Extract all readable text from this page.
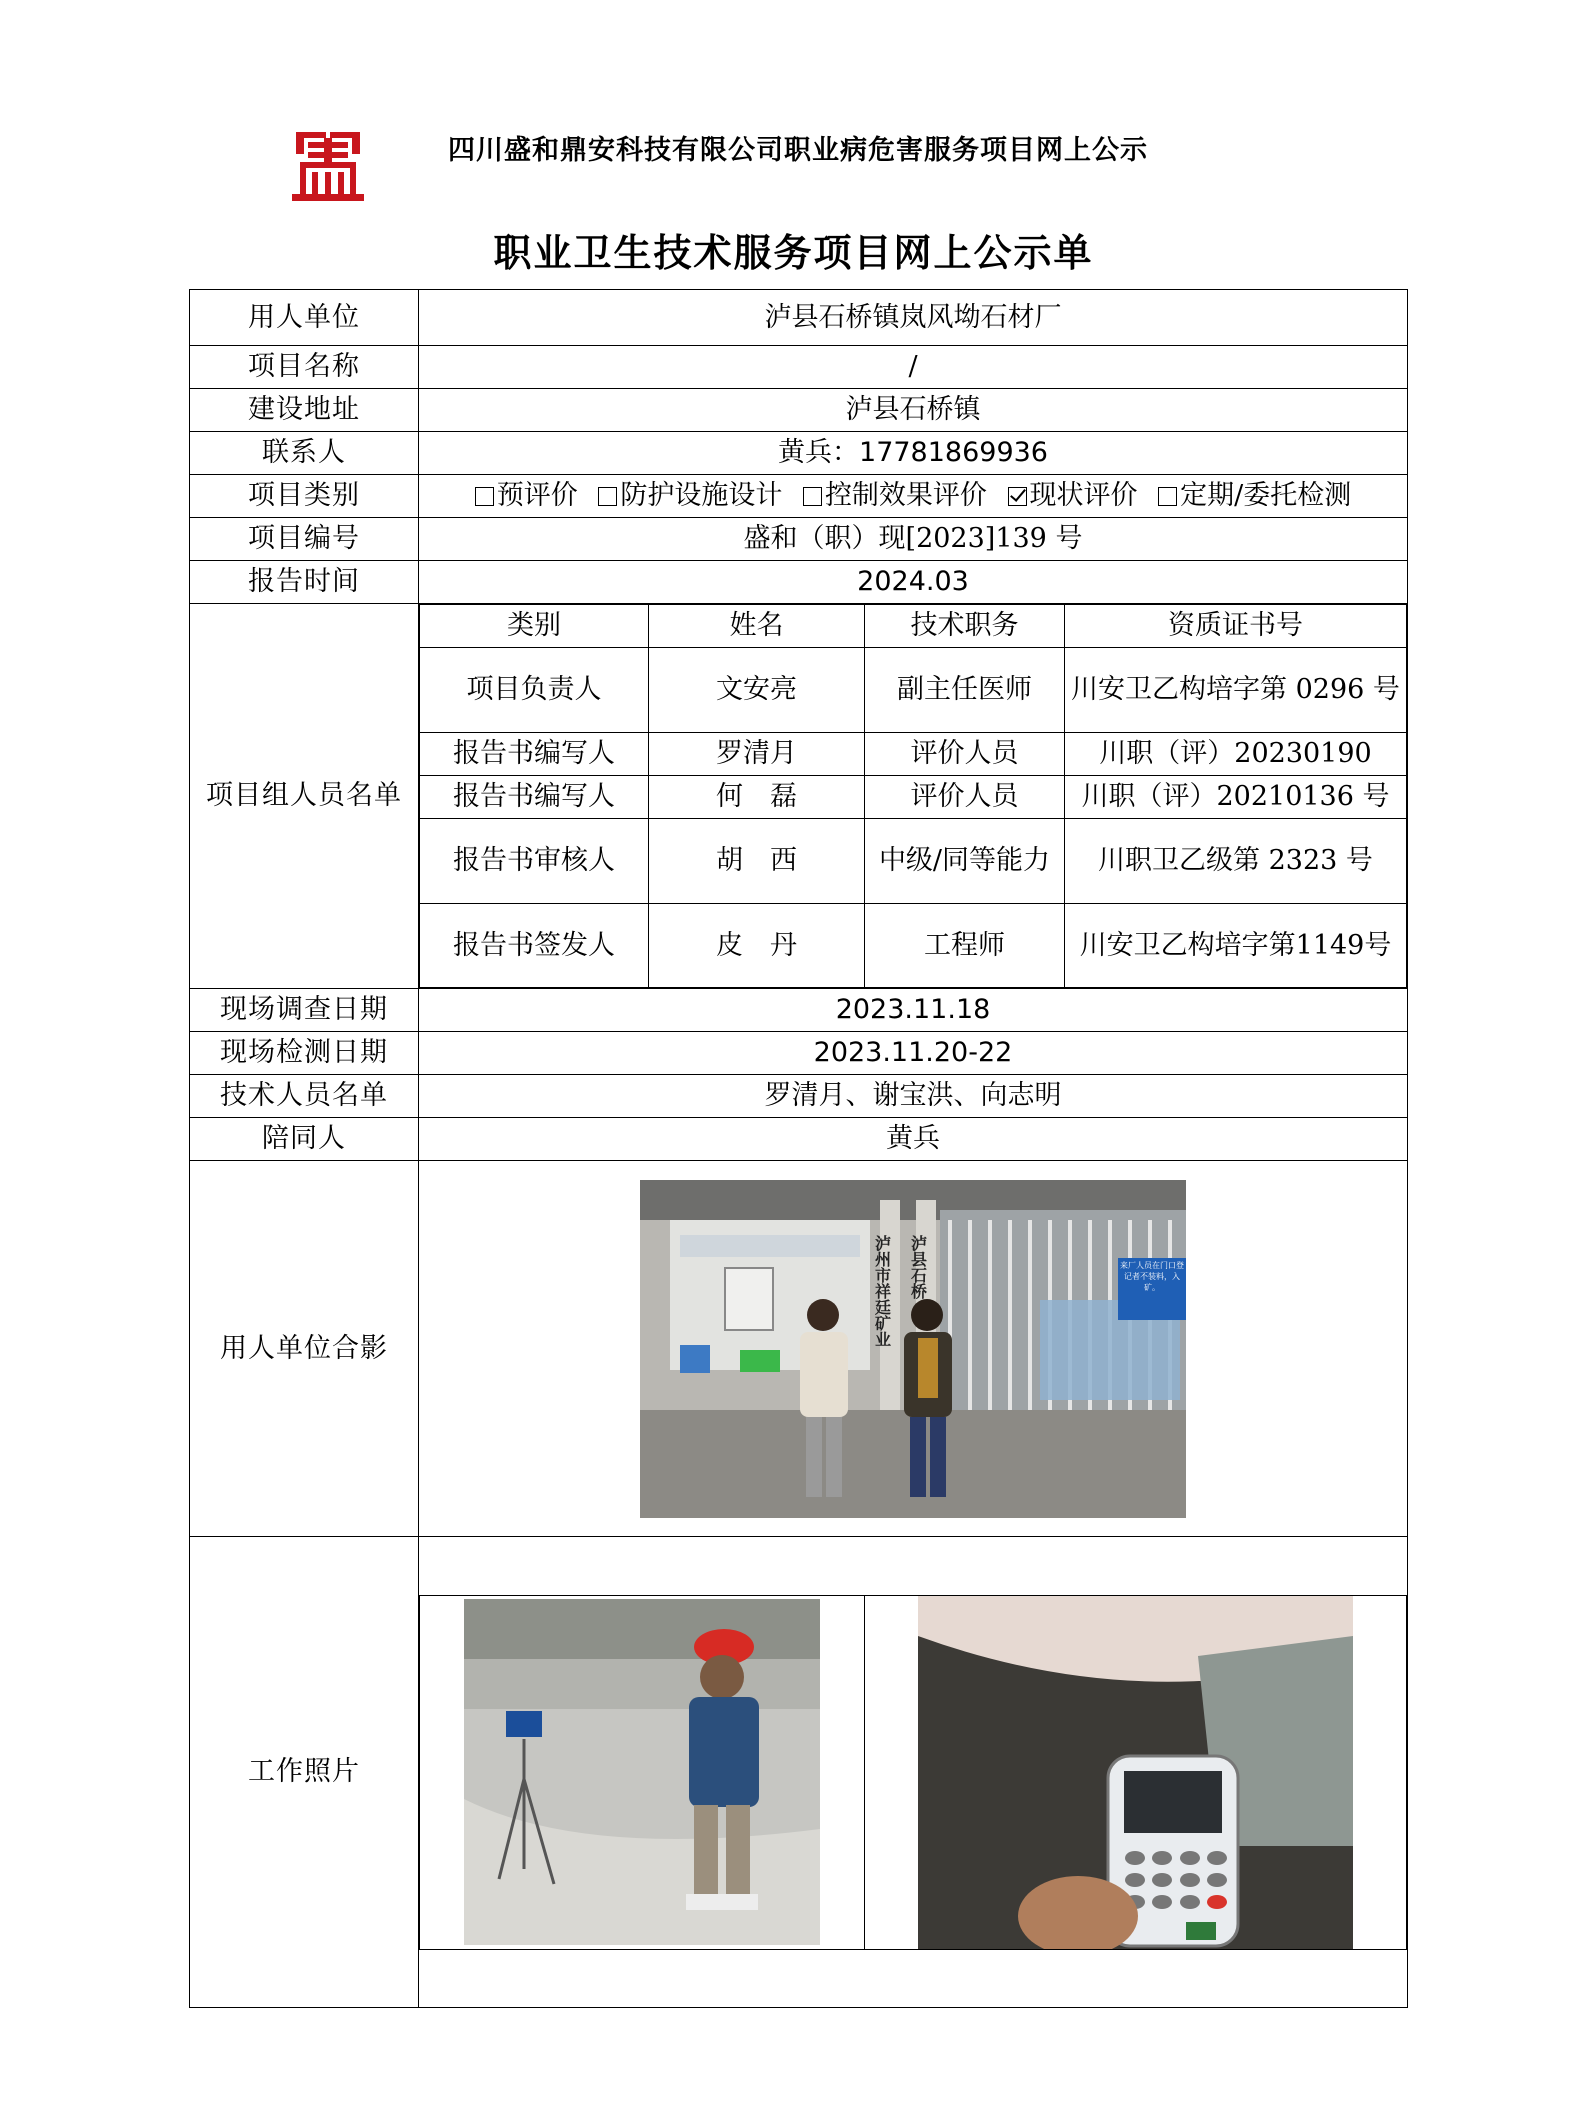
四川盛和鼎安科技有限公司职业病危害服务项目网上公示
职业卫生技术服务项目网上公示单
用人单位	泸县石桥镇岚风坳石材厂
项目名称	/
建设地址	泸县石桥镇
联系人	黄兵：17781869936
项目类别	预评价 防护设施设计 控制效果评价 现状评价 定期/委托检测
项目编号	盛和（职）现[2023]139 号
报告时间	2024.03
项目组人员名单	
类别	姓名	技术职务	资质证书号
项目负责人	文安亮	副主任医师	川安卫乙构培字第 0296 号
报告书编写人	罗清月	评价人员	川职（评）20230190
报告书编写人	何　磊	评价人员	川职（评）20210136 号
报告书审核人	胡　西	中级/同等能力	川职卫乙级第 2323 号
报告书签发人	皮　丹	工程师	川安卫乙构培字第1149号

现场调查日期	2023.11.18
现场检测日期	2023.11.20-22
技术人员名单	罗清月、谢宝洪、向志明
陪同人	黄兵
用人单位合影	
泸州市祥廷矿业 泸县石桥	来厂人员在门口登记者不装料，入矿。

工作照片	
